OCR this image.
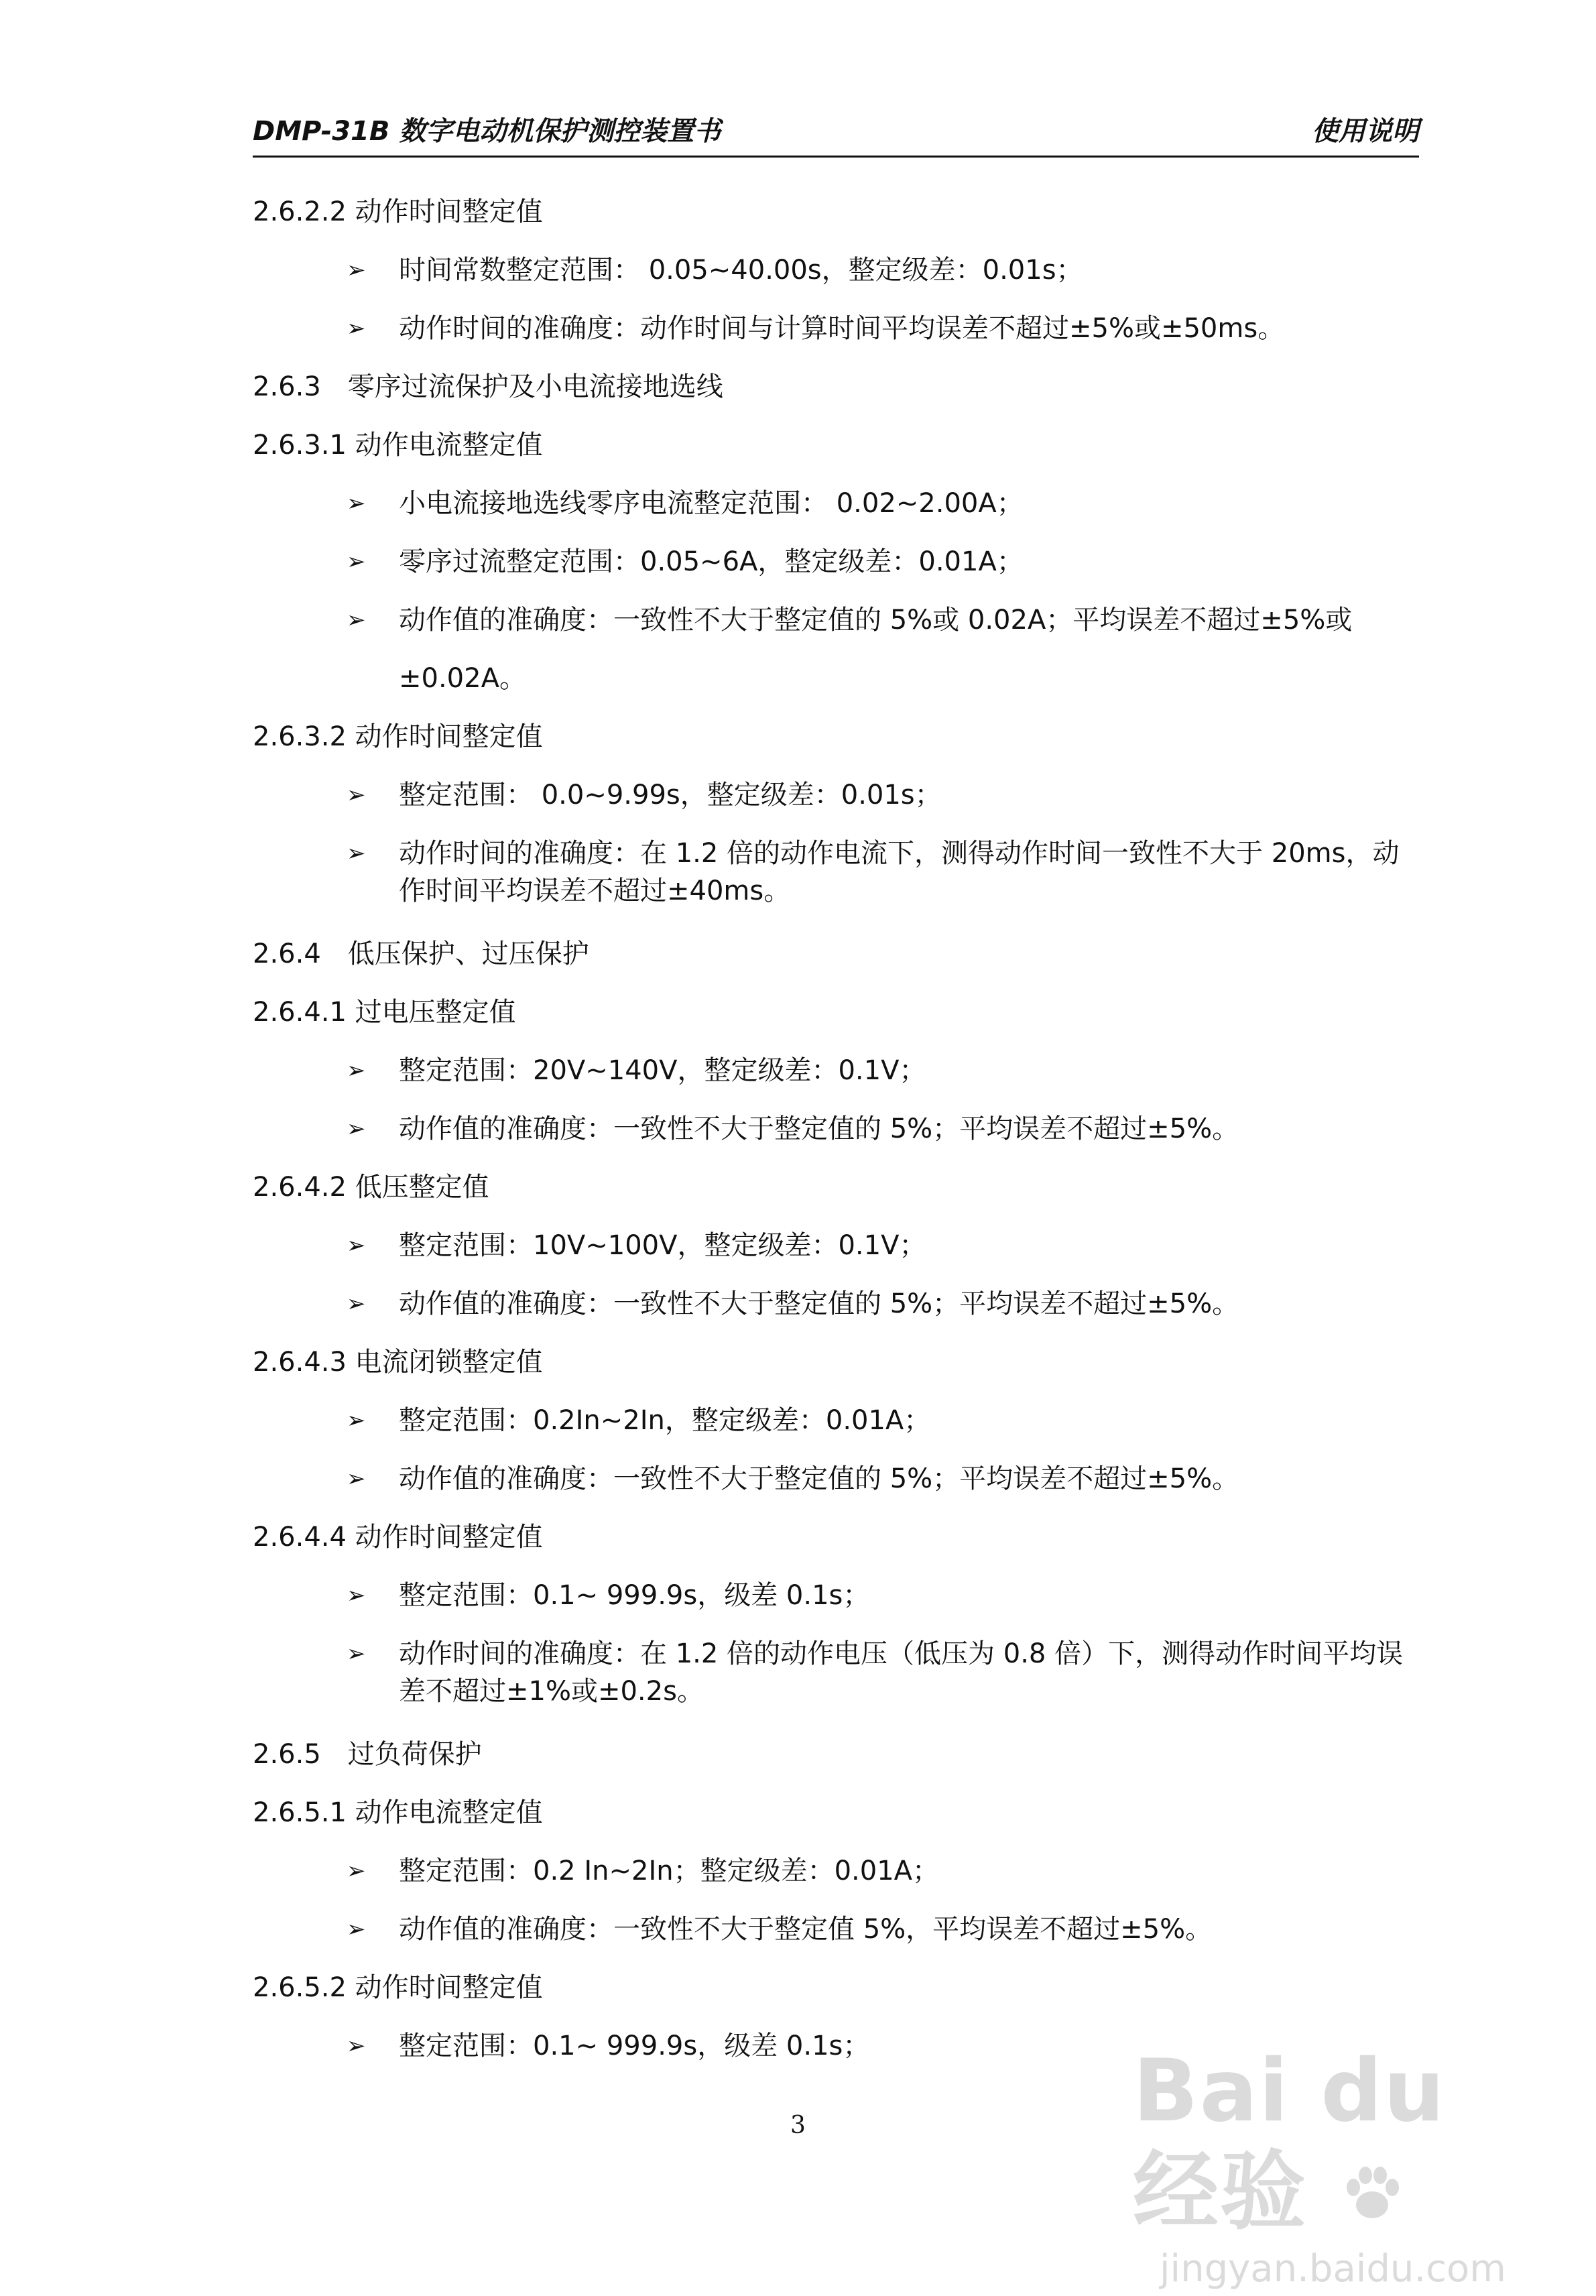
DMP-31B 数字电动机保护测控装置书	使用说明
2.6.2.2 动作时间整定值
➢ 时间常数整定范围： 0.05~40.00s，整定级差：0.01s；
➢ 动作时间的准确度：动作时间与计算时间平均误差不超过±5%或±50ms。
2.6.3　零序过流保护及小电流接地选线
2.6.3.1 动作电流整定值
➢ 小电流接地选线零序电流整定范围： 0.02~2.00A；
➢ 零序过流整定范围：0.05~6A，整定级差：0.01A；
➢ 动作值的准确度：一致性不大于整定值的 5%或 0.02A；平均误差不超过±5%或
±0.02A。
2.6.3.2 动作时间整定值
➢ 整定范围： 0.0~9.99s，整定级差：0.01s；
➢ 动作时间的准确度：在 1.2 倍的动作电流下，测得动作时间一致性不大于 20ms，动作时间平均误差不超过±40ms。
2.6.4　低压保护、过压保护
2.6.4.1 过电压整定值
➢ 整定范围：20V~140V，整定级差：0.1V；
➢ 动作值的准确度：一致性不大于整定值的 5%；平均误差不超过±5%。
2.6.4.2 低压整定值
➢ 整定范围：10V~100V，整定级差：0.1V；
➢ 动作值的准确度：一致性不大于整定值的 5%；平均误差不超过±5%。
2.6.4.3 电流闭锁整定值
➢ 整定范围：0.2In~2In，整定级差：0.01A；
➢ 动作值的准确度：一致性不大于整定值的 5%；平均误差不超过±5%。
2.6.4.4 动作时间整定值
➢ 整定范围：0.1~ 999.9s，级差 0.1s；
➢ 动作时间的准确度：在 1.2 倍的动作电压（低压为 0.8 倍）下，测得动作时间平均误差不超过±1%或±0.2s。
2.6.5　过负荷保护
2.6.5.1 动作电流整定值
➢ 整定范围：0.2 In~2In；整定级差：0.01A；
➢ 动作值的准确度：一致性不大于整定值 5%，平均误差不超过±5%。
2.6.5.2 动作时间整定值
➢ 整定范围：0.1~ 999.9s，级差 0.1s；
3	Bai du 经验
jingyan.baidu.com
